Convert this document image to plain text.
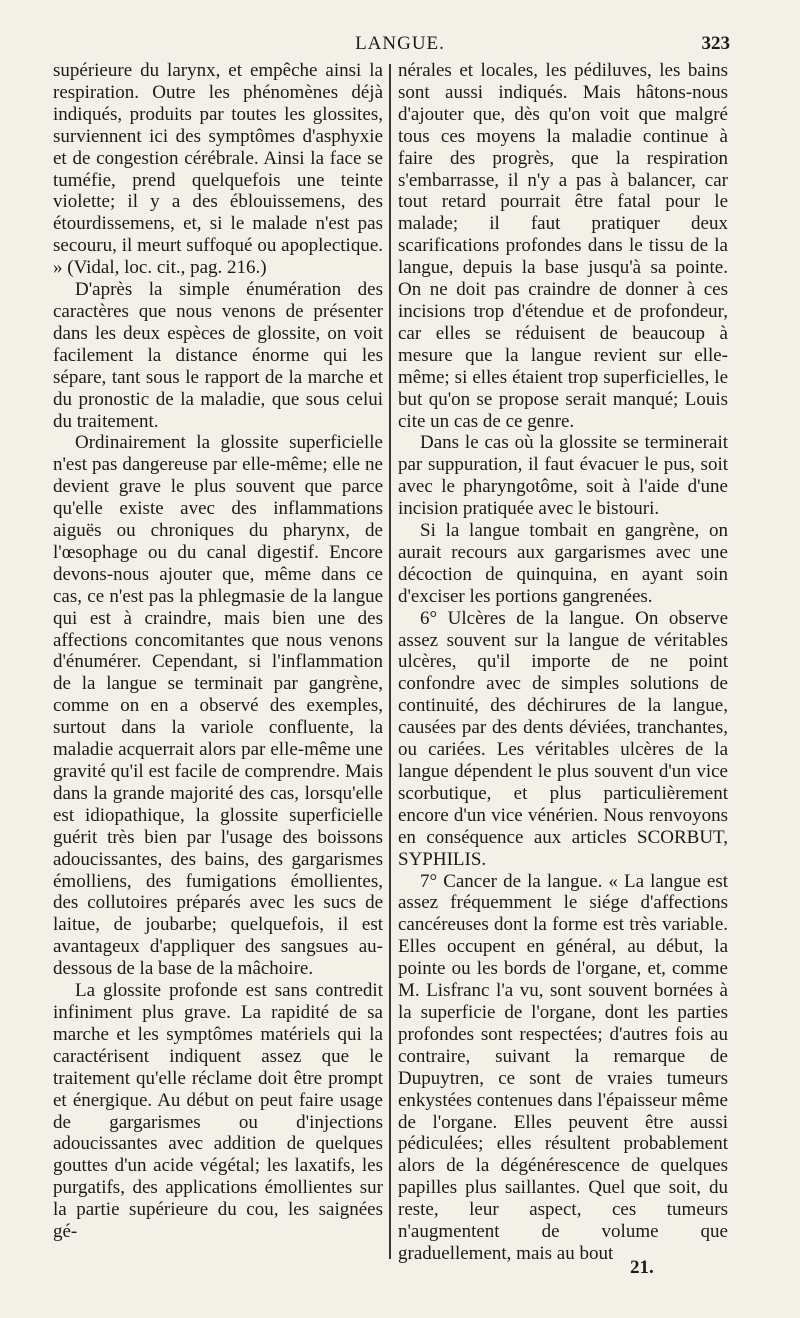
LANGUE.	323

supérieure du larynx, et empêche ainsi la respiration. Outre les phénomènes déjà indiqués, produits par toutes les glossites, surviennent ici des symptômes d'asphyxie et de congestion cérébrale. Ainsi la face se tuméfie, prend quelquefois une teinte violette; il y a des éblouissemens, des étourdissemens, et, si le malade n'est pas secouru, il meurt suffoqué ou apoplectique. » (Vidal, loc. cit., pag. 216.)

D'après la simple énumération des caractères que nous venons de présenter dans les deux espèces de glossite, on voit facilement la distance énorme qui les sépare, tant sous le rapport de la marche et du pronostic de la maladie, que sous celui du traitement.

Ordinairement la glossite superficielle n'est pas dangereuse par elle-même; elle ne devient grave le plus souvent que parce qu'elle existe avec des inflammations aiguës ou chroniques du pharynx, de l'œsophage ou du canal digestif. Encore devons-nous ajouter que, même dans ce cas, ce n'est pas la phlegmasie de la langue qui est à craindre, mais bien une des affections concomitantes que nous venons d'énumérer. Cependant, si l'inflammation de la langue se terminait par gangrène, comme on en a observé des exemples, surtout dans la variole confluente, la maladie acquerrait alors par elle-même une gravité qu'il est facile de comprendre. Mais dans la grande majorité des cas, lorsqu'elle est idiopathique, la glossite superficielle guérit très bien par l'usage des boissons adoucissantes, des bains, des gargarismes émolliens, des fumigations émollientes, des collutoires préparés avec les sucs de laitue, de joubarbe; quelquefois, il est avantageux d'appliquer des sangsues au-dessous de la base de la mâchoire.

La glossite profonde est sans contredit infiniment plus grave. La rapidité de sa marche et les symptômes matériels qui la caractérisent indiquent assez que le traitement qu'elle réclame doit être prompt et énergique. Au début on peut faire usage de gargarismes ou d'injections adoucissantes avec addition de quelques gouttes d'un acide végétal; les laxatifs, les purgatifs, des applications émollientes sur la partie supérieure du cou, les saignées gé-

nérales et locales, les pédiluves, les bains sont aussi indiqués. Mais hâtons-nous d'ajouter que, dès qu'on voit que malgré tous ces moyens la maladie continue à faire des progrès, que la respiration s'embarrasse, il n'y a pas à balancer, car tout retard pourrait être fatal pour le malade; il faut pratiquer deux scarifications profondes dans le tissu de la langue, depuis la base jusqu'à sa pointe. On ne doit pas craindre de donner à ces incisions trop d'étendue et de profondeur, car elles se réduisent de beaucoup à mesure que la langue revient sur elle-même; si elles étaient trop superficielles, le but qu'on se propose serait manqué; Louis cite un cas de ce genre.

Dans le cas où la glossite se terminerait par suppuration, il faut évacuer le pus, soit avec le pharyngotôme, soit à l'aide d'une incision pratiquée avec le bistouri.

Si la langue tombait en gangrène, on aurait recours aux gargarismes avec une décoction de quinquina, en ayant soin d'exciser les portions gangrenées.

6° Ulcères de la langue. On observe assez souvent sur la langue de véritables ulcères, qu'il importe de ne point confondre avec de simples solutions de continuité, des déchirures de la langue, causées par des dents déviées, tranchantes, ou cariées. Les véritables ulcères de la langue dépendent le plus souvent d'un vice scorbutique, et plus particulièrement encore d'un vice vénérien. Nous renvoyons en conséquence aux articles SCORBUT, SYPHILIS.

7° Cancer de la langue. « La langue est assez fréquemment le siége d'affections cancéreuses dont la forme est très variable. Elles occupent en général, au début, la pointe ou les bords de l'organe, et, comme M. Lisfranc l'a vu, sont souvent bornées à la superficie de l'organe, dont les parties profondes sont respectées; d'autres fois au contraire, suivant la remarque de Dupuytren, ce sont de vraies tumeurs enkystées contenues dans l'épaisseur même de l'organe. Elles peuvent être aussi pédiculées; elles résultent probablement alors de la dégénérescence de quelques papilles plus saillantes. Quel que soit, du reste, leur aspect, ces tumeurs n'augmentent de volume que graduellement, mais au bout

21.
